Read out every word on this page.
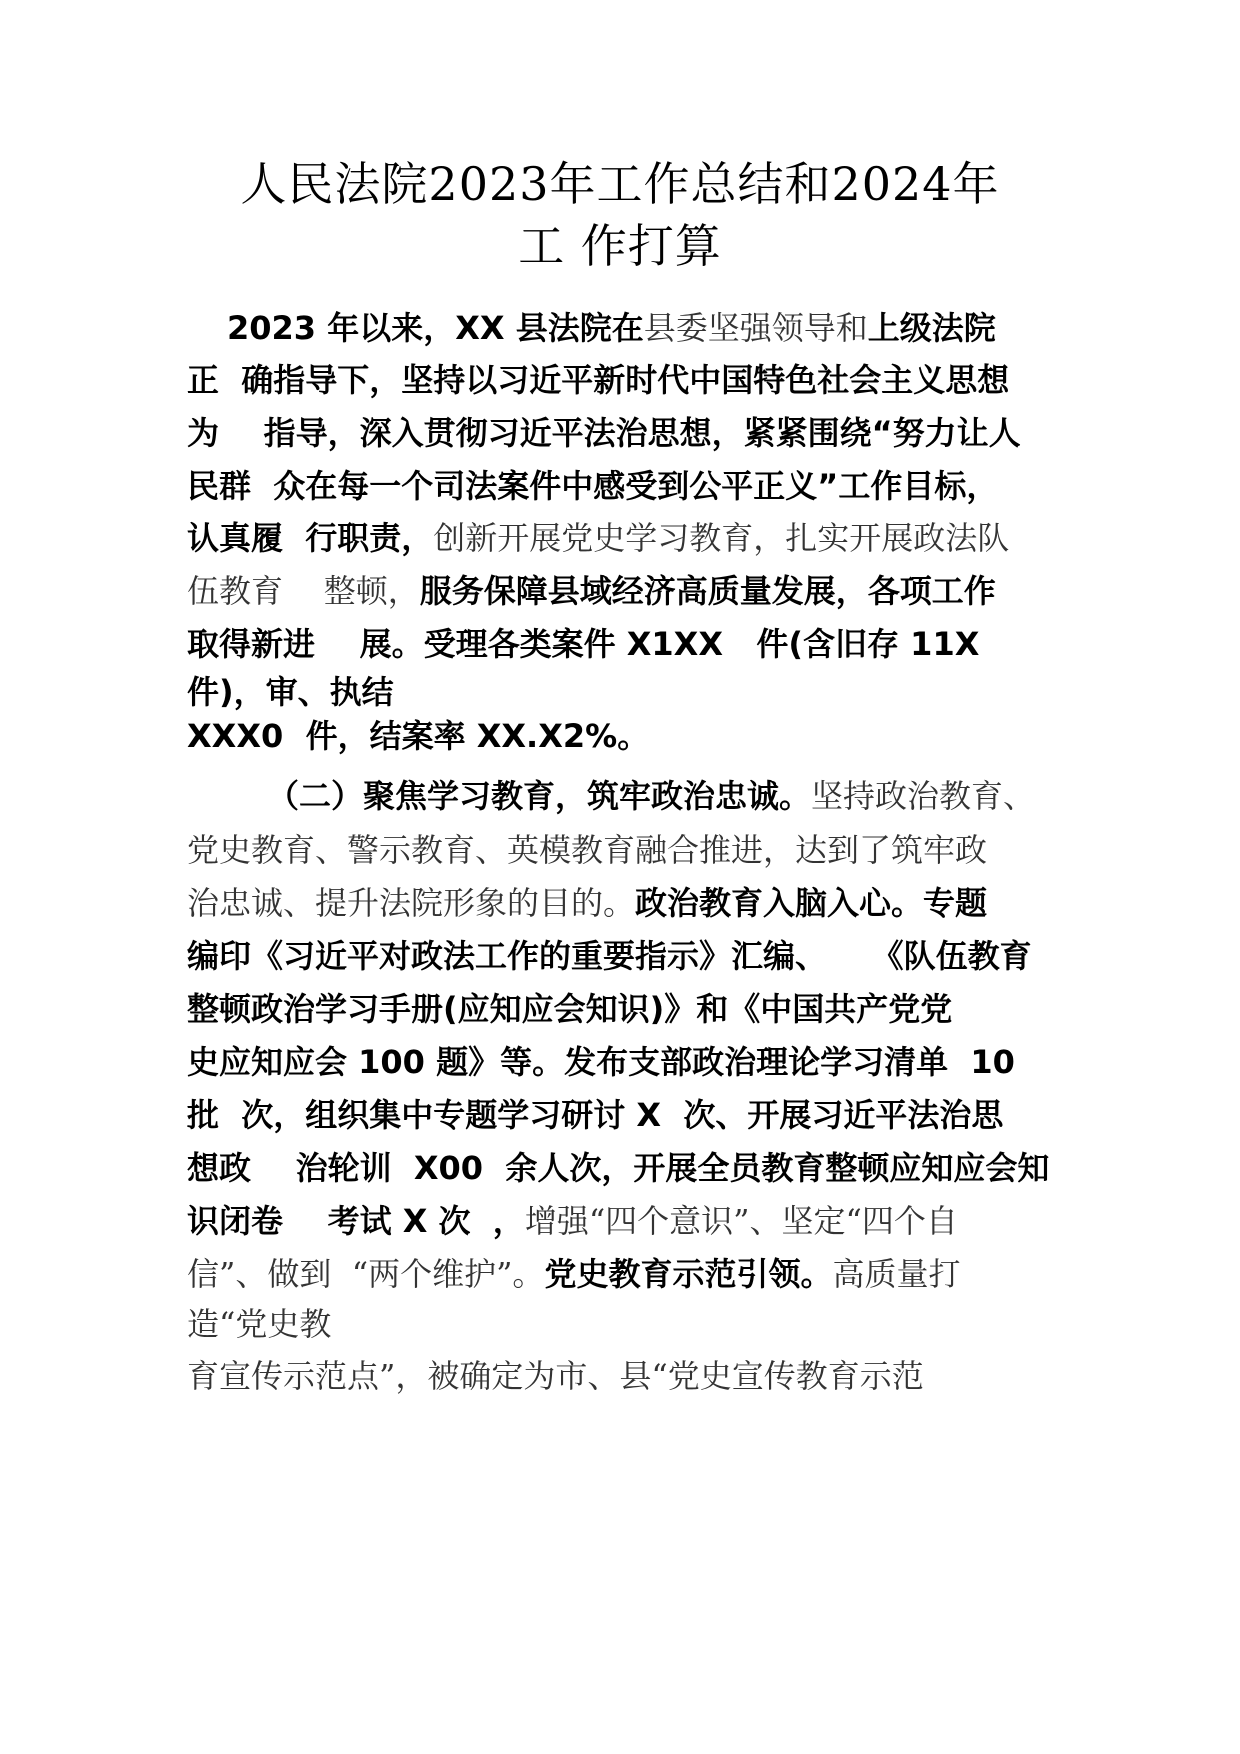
人民法院2023年工作总结和2024年
工 作打算
2023 年以来，XX 县法院在县委坚强领导和上级法院
正  确指导下，坚持以习近平新时代中国特色社会主义思想
为    指导，深入贯彻习近平法治思想，紧紧围绕“努力让人
民群  众在每一个司法案件中感受到公平正义”工作目标，
认真履  行职责，创新开展党史学习教育，扎实开展政法队
伍教育    整顿，服务保障县域经济高质量发展，各项工作
取得新进    展。受理各类案件 X1XX   件(含旧存 11X
件)，审、执结
XXX0  件，结案率 XX.X2%。
（二）聚焦学习教育，筑牢政治忠诚。坚持政治教育、
党史教育、警示教育、英模教育融合推进，达到了筑牢政
治忠诚、提升法院形象的目的。政治教育入脑入心。专题
编印《习近平对政法工作的重要指示》汇编、    《队伍教育
整顿政治学习手册(应知应会知识)》和《中国共产党党
史应知应会 100 题》等。发布支部政治理论学习清单  10
批  次，组织集中专题学习研讨 X  次、开展习近平法治思
想政    治轮训  X00  余人次，开展全员教育整顿应知应会知
识闭卷    考试 X 次  ，增强“四个意识”、坚定“四个自
信”、做到  “两个维护”。党史教育示范引领。高质量打
造“党史教
育宣传示范点”，被确定为市、县“党史宣传教育示范
